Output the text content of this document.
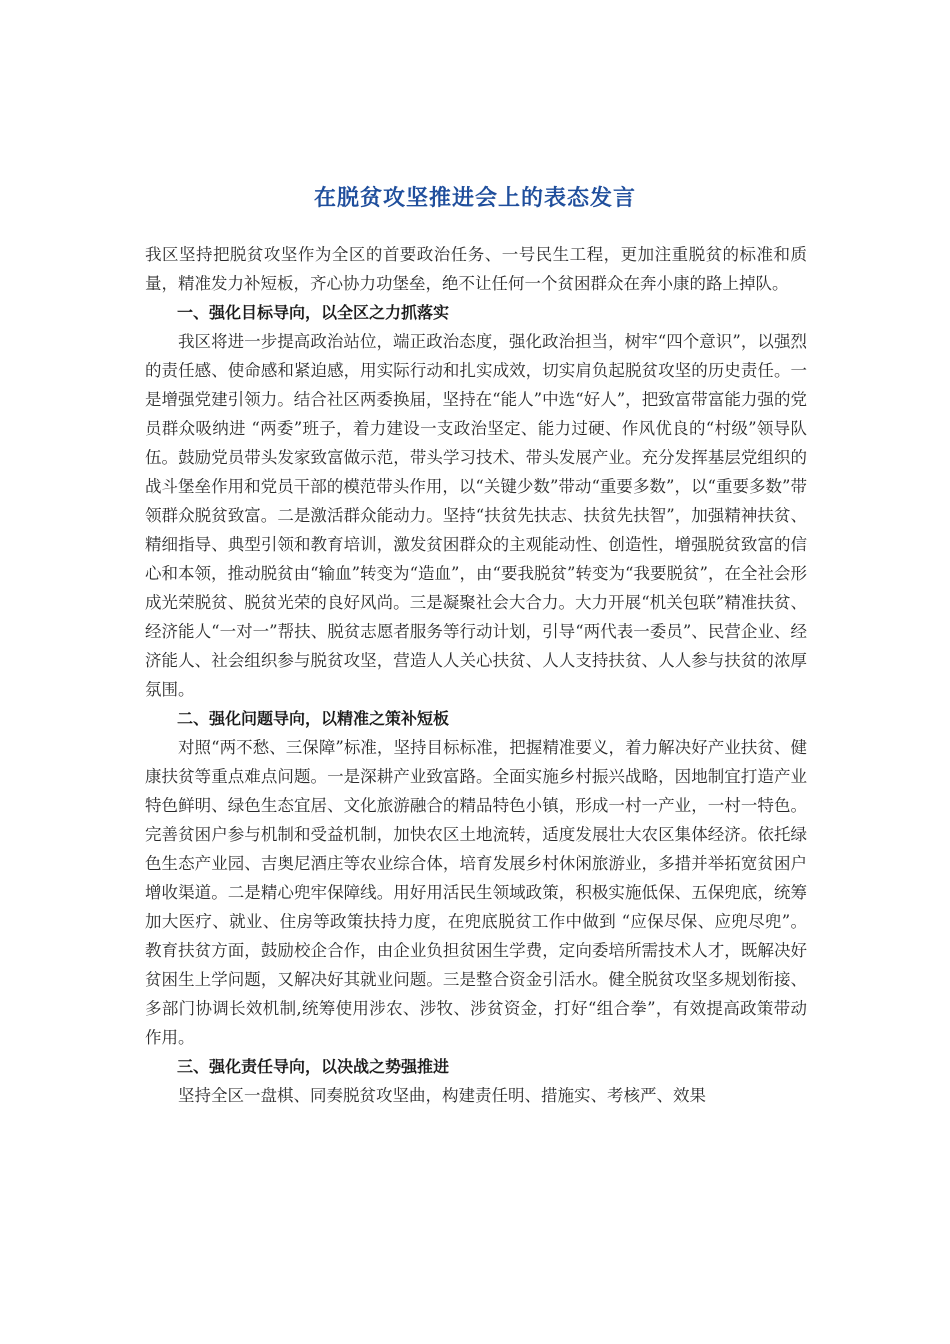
在脱贫攻坚推进会上的表态发言

我区坚持把脱贫攻坚作为全区的首要政治任务、一号民生工程，更加注重脱贫的标准和质量，精准发力补短板，齐心协力功堡垒，绝不让任何一个贫困群众在奔小康的路上掉队。

一、强化目标导向，以全区之力抓落实

我区将进一步提高政治站位，端正政治态度，强化政治担当，树牢“四个意识”，以强烈的责任感、使命感和紧迫感，用实际行动和扎实成效，切实肩负起脱贫攻坚的历史责任。一是增强党建引领力。结合社区两委换届，坚持在“能人”中选“好人”，把致富带富能力强的党员群众吸纳进 “两委”班子，着力建设一支政治坚定、能力过硬、作风优良的“村级”领导队伍。鼓励党员带头发家致富做示范，带头学习技术、带头发展产业。充分发挥基层党组织的战斗堡垒作用和党员干部的模范带头作用，以“关键少数”带动“重要多数”，以“重要多数”带领群众脱贫致富。二是激活群众能动力。坚持“扶贫先扶志、扶贫先扶智”，加强精神扶贫、精细指导、典型引领和教育培训，激发贫困群众的主观能动性、创造性，增强脱贫致富的信心和本领，推动脱贫由“输血”转变为“造血”，由“要我脱贫”转变为“我要脱贫”，在全社会形成光荣脱贫、脱贫光荣的良好风尚。三是凝聚社会大合力。大力开展“机关包联”精准扶贫、经济能人“一对一”帮扶、脱贫志愿者服务等行动计划，引导“两代表一委员”、民营企业、经济能人、社会组织参与脱贫攻坚，营造人人关心扶贫、人人支持扶贫、人人参与扶贫的浓厚氛围。

二、强化问题导向，以精准之策补短板

对照“两不愁、三保障”标准，坚持目标标准，把握精准要义，着力解决好产业扶贫、健康扶贫等重点难点问题。一是深耕产业致富路。全面实施乡村振兴战略，因地制宜打造产业特色鲜明、绿色生态宜居、文化旅游融合的精品特色小镇，形成一村一产业，一村一特色。完善贫困户参与机制和受益机制，加快农区土地流转，适度发展壮大农区集体经济。依托绿色生态产业园、吉奥尼酒庄等农业综合体，培育发展乡村休闲旅游业，多措并举拓宽贫困户增收渠道。二是精心兜牢保障线。用好用活民生领域政策，积极实施低保、五保兜底，统筹加大医疗、就业、住房等政策扶持力度，在兜底脱贫工作中做到 “应保尽保、应兜尽兜”。 教育扶贫方面，鼓励校企合作，由企业负担贫困生学费，定向委培所需技术人才，既解决好贫困生上学问题，又解决好其就业问题。三是整合资金引活水。健全脱贫攻坚多规划衔接、多部门协调长效机制,统筹使用涉农、涉牧、涉贫资金，打好“组合拳”，有效提高政策带动作用。

三、强化责任导向，以决战之势强推进

坚持全区一盘棋、同奏脱贫攻坚曲，构建责任明、措施实、考核严、效果
